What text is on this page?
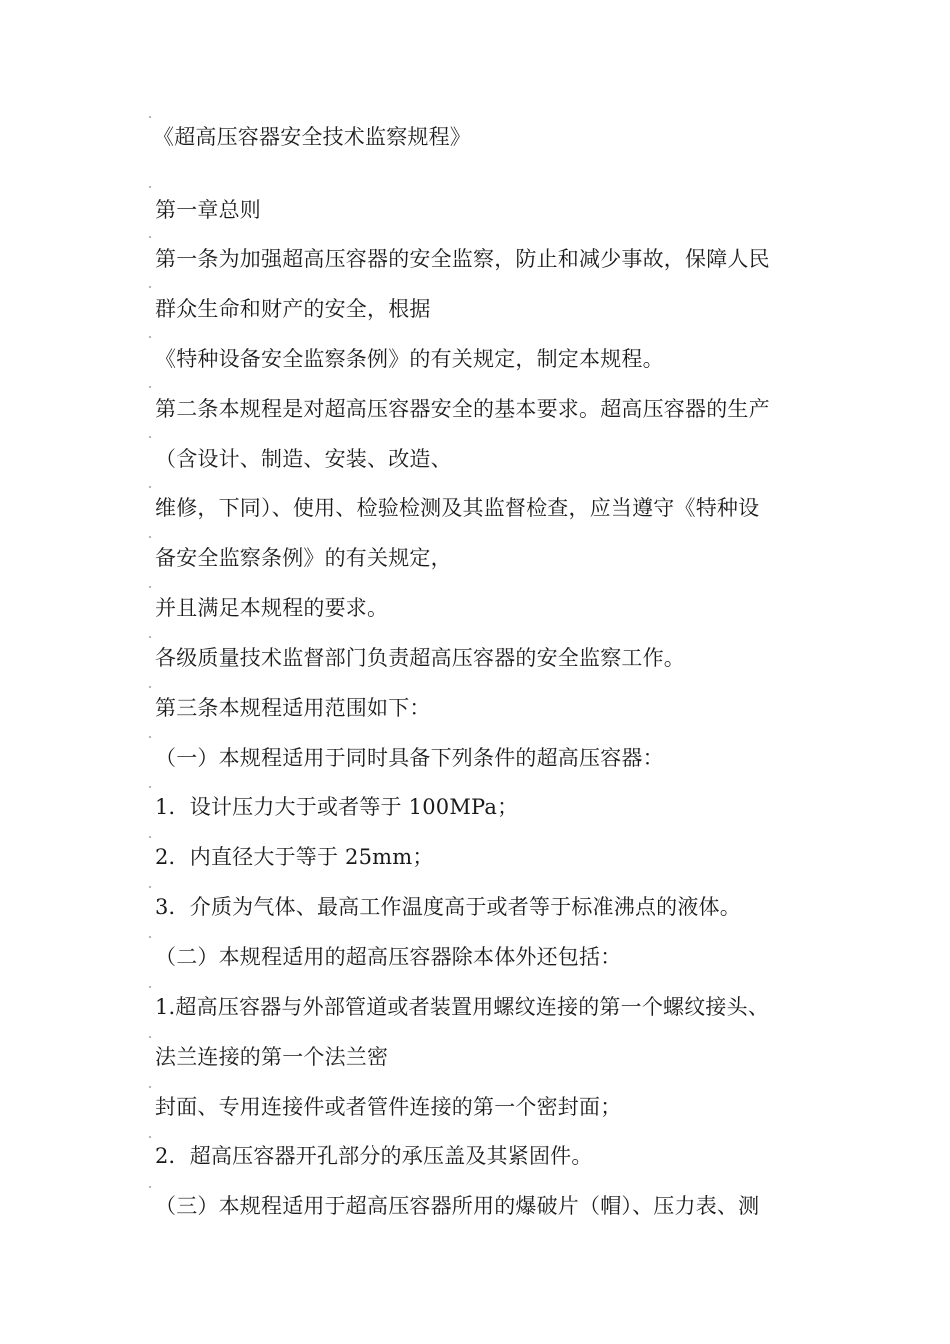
《超高压容器安全技术监察规程》
第一章总则
第一条为加强超高压容器的安全监察，防止和减少事故，保障人民
群众生命和财产的安全，根据
《特种设备安全监察条例》的有关规定，制定本规程。
第二条本规程是对超高压容器安全的基本要求。超高压容器的生产
（含设计、制造、安装、改造、
维修，下同）、使用、检验检测及其监督检查，应当遵守《特种设
备安全监察条例》的有关规定，
并且满足本规程的要求。
各级质量技术监督部门负责超高压容器的安全监察工作。
第三条本规程适用范围如下：
（一）本规程适用于同时具备下列条件的超高压容器：
1．设计压力大于或者等于 100MPa；
2．内直径大于等于 25mm；
3．介质为气体、最高工作温度高于或者等于标准沸点的液体。
（二）本规程适用的超高压容器除本体外还包括：
1.超高压容器与外部管道或者装置用螺纹连接的第一个螺纹接头、
法兰连接的第一个法兰密
封面、专用连接件或者管件连接的第一个密封面；
2．超高压容器开孔部分的承压盖及其紧固件。
（三）本规程适用于超高压容器所用的爆破片（帽）、压力表、测
